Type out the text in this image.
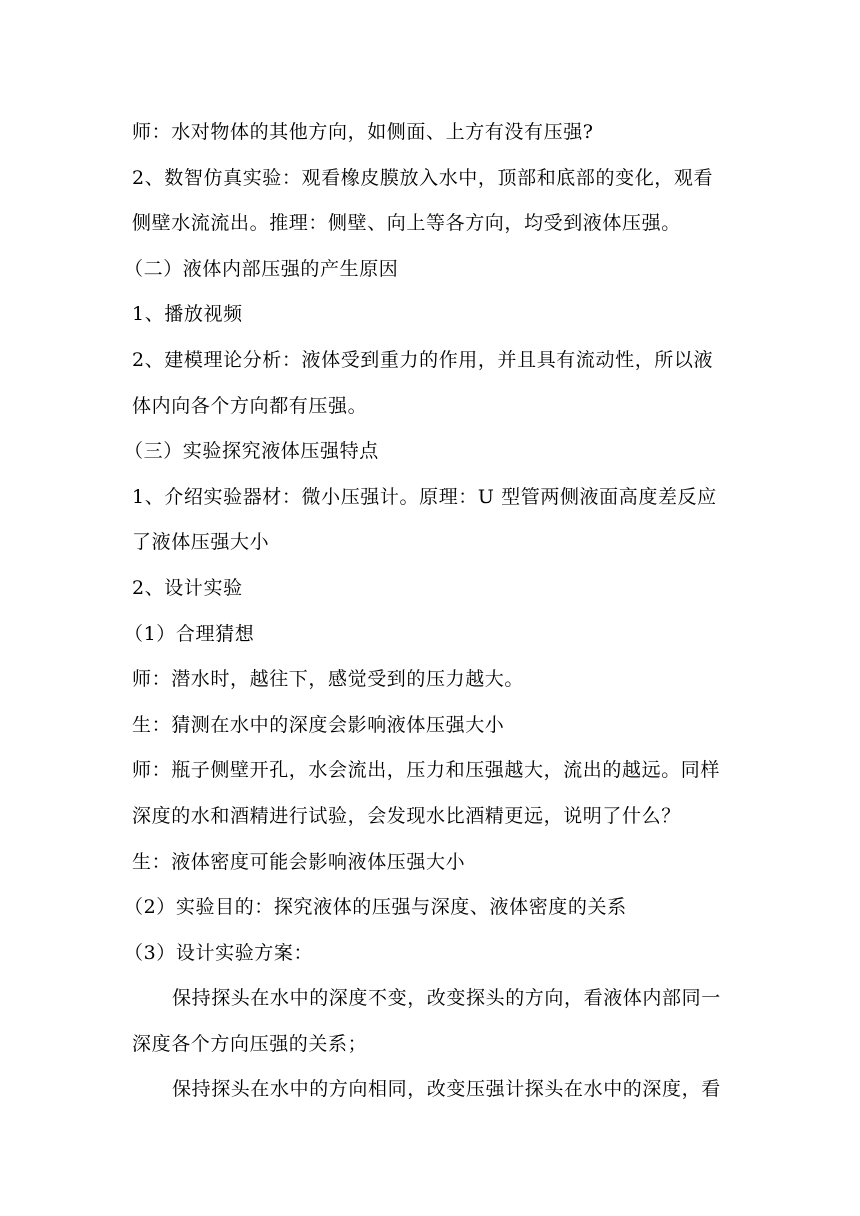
师：水对物体的其他方向，如侧面、上方有没有压强?
2、数智仿真实验：观看橡皮膜放入水中，顶部和底部的变化，观看
侧壁水流流出。推理：侧壁、向上等各方向，均受到液体压强。
（二）液体内部压强的产生原因
1、播放视频
2、建模理论分析：液体受到重力的作用，并且具有流动性，所以液
体内向各个方向都有压强。
（三）实验探究液体压强特点
1、介绍实验器材：微小压强计。原理：U 型管两侧液面高度差反应
了液体压强大小
2、设计实验
（1）合理猜想
师：潜水时，越往下，感觉受到的压力越大。
生：猜测在水中的深度会影响液体压强大小
师：瓶子侧壁开孔，水会流出，压力和压强越大，流出的越远。同样
深度的水和酒精进行试验，会发现水比酒精更远，说明了什么？
生：液体密度可能会影响液体压强大小
（2）实验目的：探究液体的压强与深度、液体密度的关系
（3）设计实验方案：
保持探头在水中的深度不变，改变探头的方向，看液体内部同一
深度各个方向压强的关系；
保持探头在水中的方向相同，改变压强计探头在水中的深度，看
